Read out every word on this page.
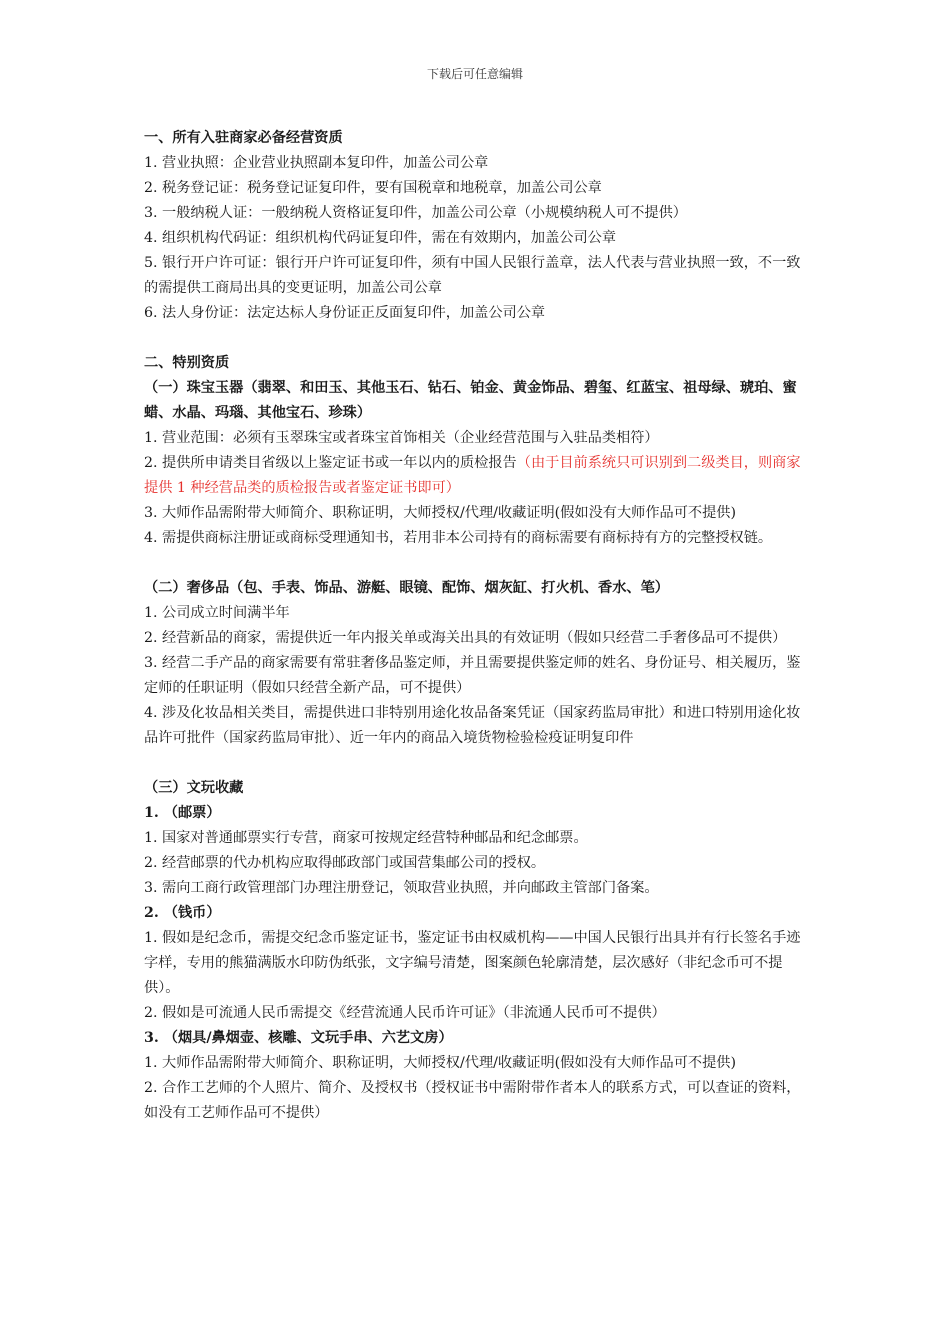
下载后可任意编辑

一、所有入驻商家必备经营资质

1. 营业执照：企业营业执照副本复印件，加盖公司公章

2. 税务登记证：税务登记证复印件，要有国税章和地税章，加盖公司公章

3. 一般纳税人证：一般纳税人资格证复印件，加盖公司公章（小规模纳税人可不提供）

4. 组织机构代码证：组织机构代码证复印件，需在有效期内，加盖公司公章

5. 银行开户许可证：银行开户许可证复印件，须有中国人民银行盖章，法人代表与营业执照一致，不一致的需提供工商局出具的变更证明，加盖公司公章

6. 法人身份证：法定达标人身份证正反面复印件，加盖公司公章

二、特别资质

（一）珠宝玉器（翡翠、和田玉、其他玉石、钻石、铂金、黄金饰品、碧玺、红蓝宝、祖母绿、琥珀、蜜蜡、水晶、玛瑙、其他宝石、珍珠）

1. 营业范围：必须有玉翠珠宝或者珠宝首饰相关（企业经营范围与入驻品类相符）

2. 提供所申请类目省级以上鉴定证书或一年以内的质检报告（由于目前系统只可识别到二级类目，则商家提供 1 种经营品类的质检报告或者鉴定证书即可）

3. 大师作品需附带大师简介、职称证明，大师授权/代理/收藏证明(假如没有大师作品可不提供)

4. 需提供商标注册证或商标受理通知书，若用非本公司持有的商标需要有商标持有方的完整授权链。

（二）奢侈品（包、手表、饰品、游艇、眼镜、配饰、烟灰缸、打火机、香水、笔）

1. 公司成立时间满半年

2. 经营新品的商家，需提供近一年内报关单或海关出具的有效证明（假如只经营二手奢侈品可不提供）

3. 经营二手产品的商家需要有常驻奢侈品鉴定师，并且需要提供鉴定师的姓名、身份证号、相关履历，鉴定师的任职证明（假如只经营全新产品，可不提供）

4. 涉及化妆品相关类目，需提供进口非特别用途化妆品备案凭证（国家药监局审批）和进口特别用途化妆品许可批件（国家药监局审批）、近一年内的商品入境货物检验检疫证明复印件

（三）文玩收藏

1. （邮票）

1. 国家对普通邮票实行专营，商家可按规定经营特种邮品和纪念邮票。

2. 经营邮票的代办机构应取得邮政部门或国营集邮公司的授权。

3. 需向工商行政管理部门办理注册登记，领取营业执照，并向邮政主管部门备案。

2. （钱币）

1. 假如是纪念币，需提交纪念币鉴定证书，鉴定证书由权威机构——中国人民银行出具并有行长签名手迹字样，专用的熊猫满版水印防伪纸张，文字编号清楚，图案颜色轮廓清楚，层次感好（非纪念币可不提供）。

2. 假如是可流通人民币需提交《经营流通人民币许可证》（非流通人民币可不提供）

3. （烟具/鼻烟壶、核雕、文玩手串、六艺文房）

1. 大师作品需附带大师简介、职称证明，大师授权/代理/收藏证明(假如没有大师作品可不提供)

2. 合作工艺师的个人照片、简介、及授权书（授权证书中需附带作者本人的联系方式，可以查证的资料，如没有工艺师作品可不提供）
